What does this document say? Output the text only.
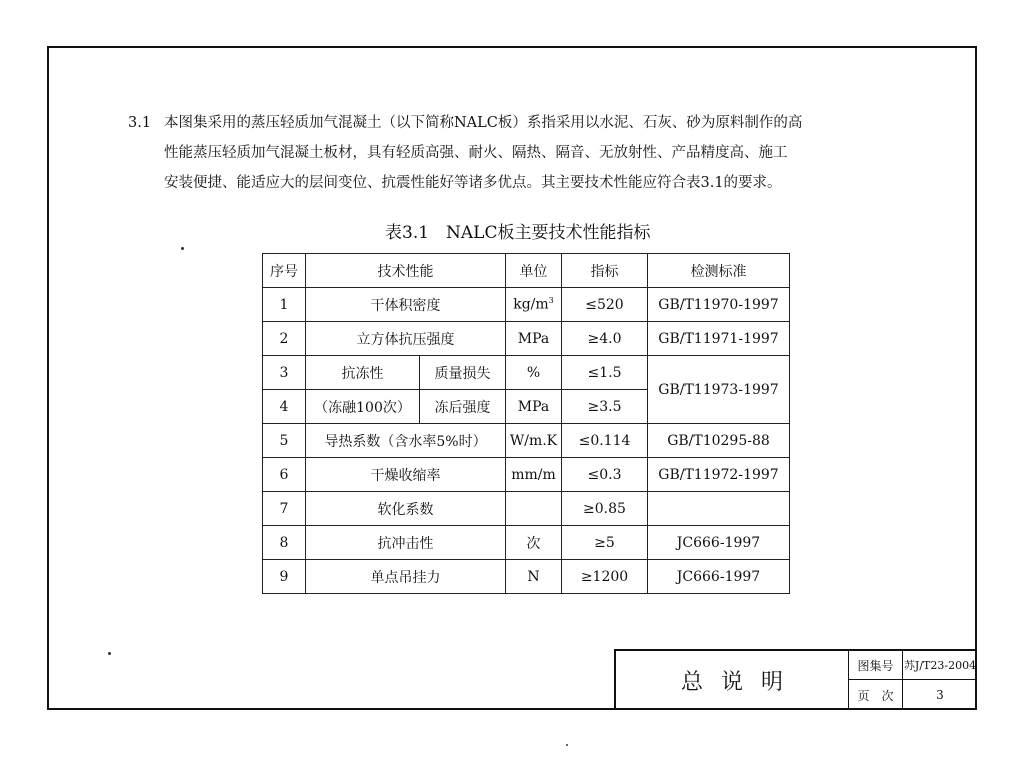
3.1 本图集采用的蒸压轻质加气混凝土（以下简称NALC板）系指采用以水泥、石灰、砂为原料制作的高
性能蒸压轻质加气混凝土板材，具有轻质高强、耐火、隔热、隔音、无放射性、产品精度高、施工
安装便捷、能适应大的层间变位、抗震性能好等诸多优点。其主要技术性能应符合表3.1的要求。
表3.1　NALC板主要技术性能指标
序号	技术性能		单位	指标	检测标准
1	干体积密度		$kg/m^3$	≤520	GB/T11970-1997
2	立方体抗压强度		MPa	≥4.0	GB/T11971-1997
3	抗冻性	质量损失	%	≤1.5	GB/T11973-1997
4	（冻融100次）	冻后强度	MPa	≥3.5	
5	导热系数（含水率5%时）		W/m.K	≤0.114	GB/T10295-88
6	干燥收缩率		mm/m	≤0.3	GB/T11972-1997
7	软化系数			≥0.85	
8	抗冲击性		次	≥5	JC666-1997
9	单点吊挂力		N	≥1200	JC666-1997
总说明
图集号 苏J/T23-2004
页　次	3
